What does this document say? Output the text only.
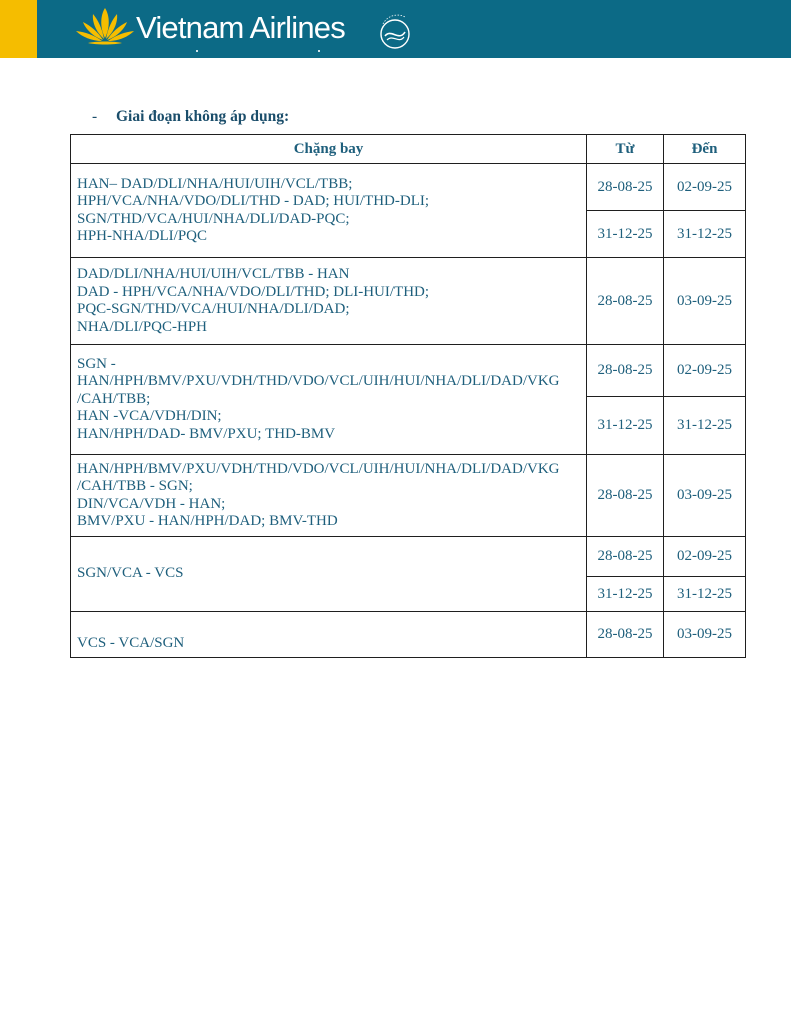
Vietnam Airlines
- Giai đoạn không áp dụng:
Chặng bay	Từ	Đến

HAN– DAD/DLI/NHA/HUI/UIH/VCL/TBB;
HPH/VCA/NHA/VDO/DLI/THD - DAD; HUI/THD-DLI;
SGN/THD/VCA/HUI/NHA/DLI/DAD-PQC;
HPH-NHA/DLI/PQC	28-08-25	02-09-25
	31-12-25	31-12-25

DAD/DLI/NHA/HUI/UIH/VCL/TBB - HAN
DAD - HPH/VCA/NHA/VDO/DLI/THD; DLI-HUI/THD;
PQC-SGN/THD/VCA/HUI/NHA/DLI/DAD;
NHA/DLI/PQC-HPH	28-08-25	03-09-25

SGN -
HAN/HPH/BMV/PXU/VDH/THD/VDO/VCL/UIH/HUI/NHA/DLI/DAD/VKG
/CAH/TBB;
HAN -VCA/VDH/DIN;
HAN/HPH/DAD- BMV/PXU; THD-BMV	28-08-25	02-09-25
	31-12-25	31-12-25

HAN/HPH/BMV/PXU/VDH/THD/VDO/VCL/UIH/HUI/NHA/DLI/DAD/VKG
/CAH/TBB - SGN;
DIN/VCA/VDH - HAN;
BMV/PXU - HAN/HPH/DAD; BMV-THD	28-08-25	03-09-25

SGN/VCA - VCS	28-08-25	02-09-25
	31-12-25	31-12-25

VCS - VCA/SGN	28-08-25	03-09-25
